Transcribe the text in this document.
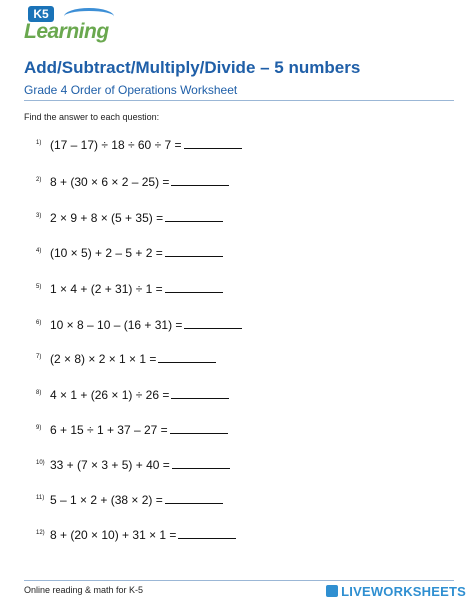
K5
Learning
Add/Subtract/Multiply/Divide – 5 numbers
Grade 4 Order of Operations Worksheet
Find the answer to each question:
1) (17 – 17) ÷ 18 ÷ 60 ÷ 7 =
2) 8 + (30 × 6 × 2 – 25) =
3) 2 × 9 + 8 × (5 + 35) =
4) (10 × 5) + 2 – 5 + 2 =
5) 1 × 4 + (2 + 31) ÷ 1 =
6) 10 × 8 – 10 – (16 + 31) =
7) (2 × 8) × 2 × 1 × 1 =
8) 4 × 1 + (26 × 1) ÷ 26 =
9) 6 + 15 ÷ 1 + 37 – 27 =
10) 33 + (7 × 3 + 5) + 40 =
11) 5 – 1 × 2 + (38 × 2) =
12) 8 + (20 × 10) + 31 × 1 =
Online reading & math for K-5	LIVEWORKSHEETS
